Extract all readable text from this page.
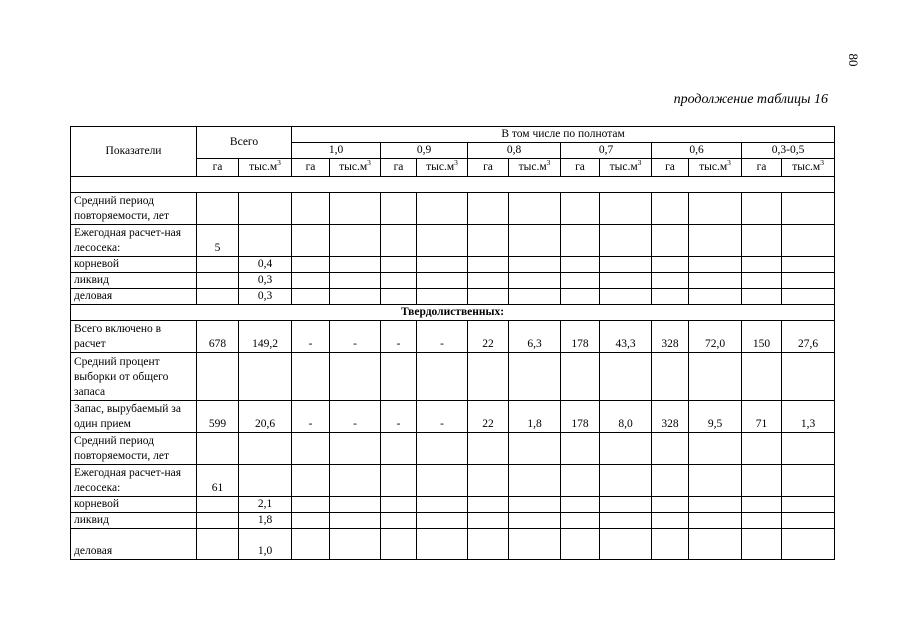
80
продолжение таблицы 16
Показатели	Всего		В том числе по полнотам											
			1,0		0,9		0,8		0,7		0,6		0,3-0,5	
	га	$тыс.м^3$	га	$тыс.м^3$	га	$тыс.м^3$	га	$тыс.м^3$	га	$тыс.м^3$	га	$тыс.м^3$	га	$тыс.м^3$

Средний период повторяемости, лет														
Ежегодная расчет-ная лесосека:	5													
корневой		0,4												
ликвид		0,3												
деловая		0,3												
Твердолиственных:														
Всего включено в расчет	678	149,2	-	-	-	-	22	6,3	178	43,3	328	72,0	150	27,6
Средний процент выборки от общего запаса														
Запас, вырубаемый за один прием	599	20,6	-	-	-	-	22	1,8	178	8,0	328	9,5	71	1,3
Средний период повторяемости, лет														
Ежегодная расчет-ная лесосека:	61													
корневой		2,1												
ликвид		1,8												
деловая		1,0												
